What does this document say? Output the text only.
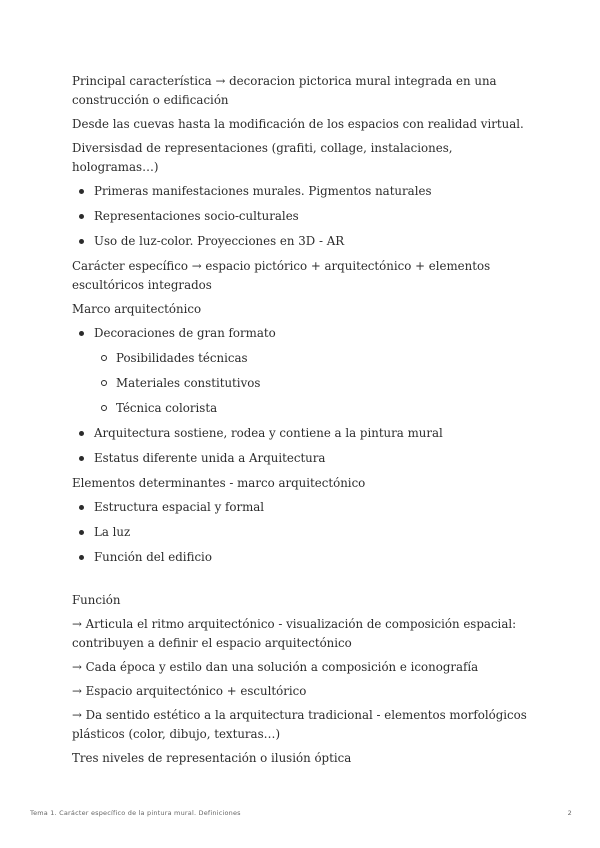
Principal característica → decoracion pictorica mural integrada en una construcción o edificación

Desde las cuevas hasta la modificación de los espacios con realidad virtual.

Diversisdad de representaciones (grafiti, collage, instalaciones, hologramas…)

Primeras manifestaciones murales. Pigmentos naturales
Representaciones socio-culturales
Uso de luz-color. Proyecciones en 3D - AR

Carácter específico → espacio pictórico + arquitectónico + elementos escultóricos integrados

Marco arquitectónico

Decoraciones de gran formato
Posibilidades técnicas
Materiales constitutivos
Técnica colorista
Arquitectura sostiene, rodea y contiene a la pintura mural
Estatus diferente unida a Arquitectura

Elementos determinantes - marco arquitectónico

Estructura espacial y formal
La luz
Función del edificio

Función

→ Articula el ritmo arquitectónico - visualización de composición espacial: contribuyen a definir el espacio arquitectónico

→ Cada época y estilo dan una solución a composición e iconografía

→ Espacio arquitectónico + escultórico

→ Da sentido estético a la arquitectura tradicional - elementos morfológicos plásticos (color, dibujo, texturas…)

Tres niveles de representación o ilusión óptica

Tema 1. Carácter específico de la pintura mural. Definiciones	2
